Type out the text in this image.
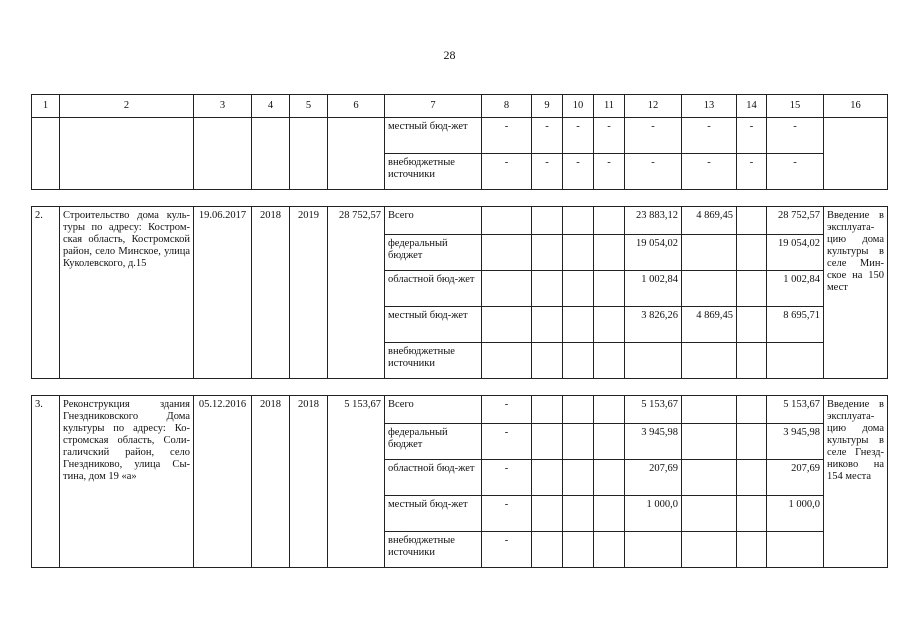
28
1	2	3	4	5	6	7	8	9	10	11	12	13	14	15	16
						местный бюд-жет	-	-	-	-	-	-	-	-	
						внебюджетные источники	-	-	-	-	-	-	-	-	

2.	Строительство дома куль-туры по адресу: Костром-ская область, Костромской район, село Минское, улица Куколевского, д.15	19.06.2017	2018	2019	28 752,57	Всего					23 883,12	4 869,45		28 752,57	Введение в эксплуата-цию дома культуры в селе Мин-ское на 150 мест
						федеральный бюджет					19 054,02			19 054,02	
						областной бюд-жет					1 002,84			1 002,84	
						местный бюд-жет					3 826,26	4 869,45		8 695,71	
						внебюджетные источники									

3.	Реконструкция здания Гнездниковского Дома культуры по адресу: Ко-стромская область, Соли-галичский район, село Гнездниково, улица Сы-тина, дом 19 «а»	05.12.2016	2018	2018	5 153,67	Всего	-				5 153,67			5 153,67	Введение в эксплуата-цию дома культуры в селе Гнезд-никово на 154 места
						федеральный бюджет	-				3 945,98			3 945,98	
						областной бюд-жет	-				207,69			207,69	
						местный бюд-жет	-				1 000,0			1 000,0	
						внебюджетные источники	-								
